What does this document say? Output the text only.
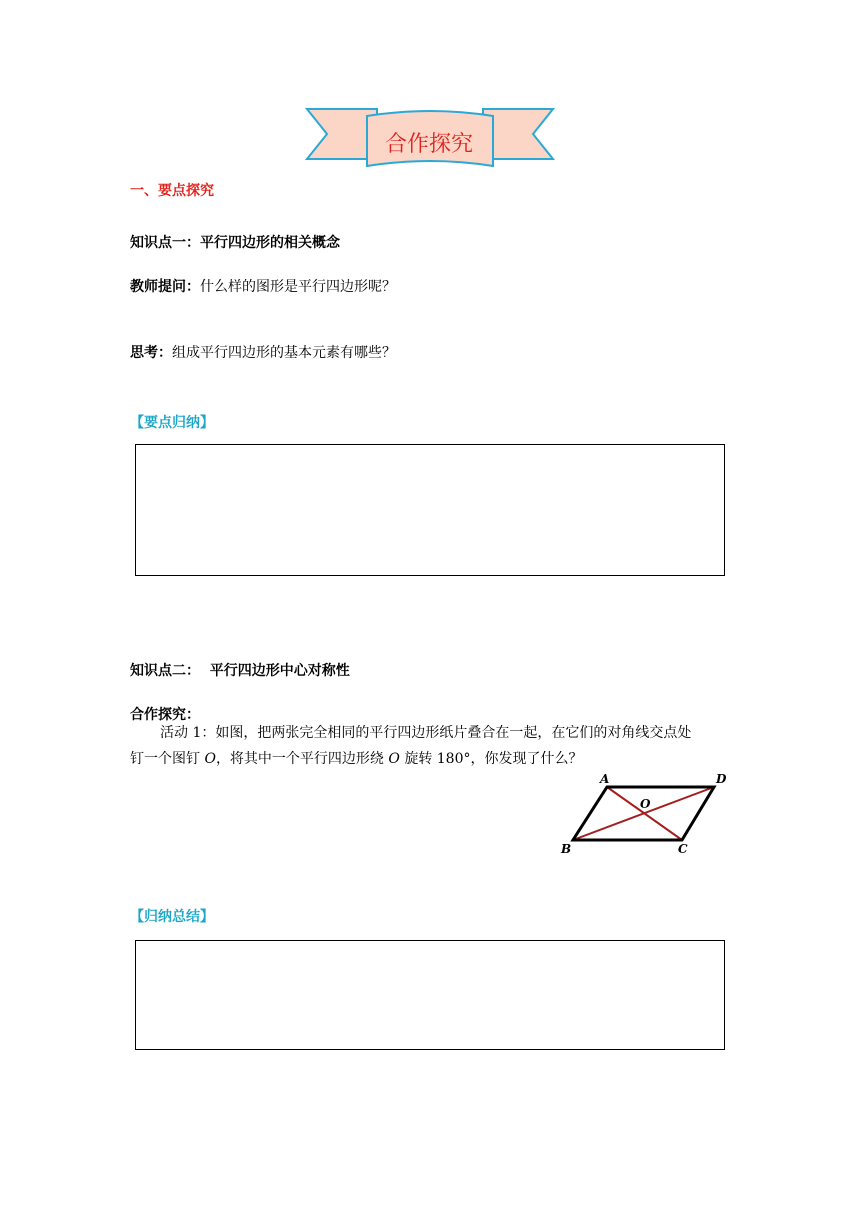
合作探究
一、要点探究
知识点一：平行四边形的相关概念
教师提问：什么样的图形是平行四边形呢？
思考：组成平行四边形的基本元素有哪些？
【要点归纳】
知识点二：  平行四边形中心对称性
合作探究：
活动 1：如图，把两张完全相同的平行四边形纸片叠合在一起，在它们的对角线交点处
钉一个图钉 O，将其中一个平行四边形绕 O 旋转 180°，你发现了什么？
A	D
B	C
O
【归纳总结】
